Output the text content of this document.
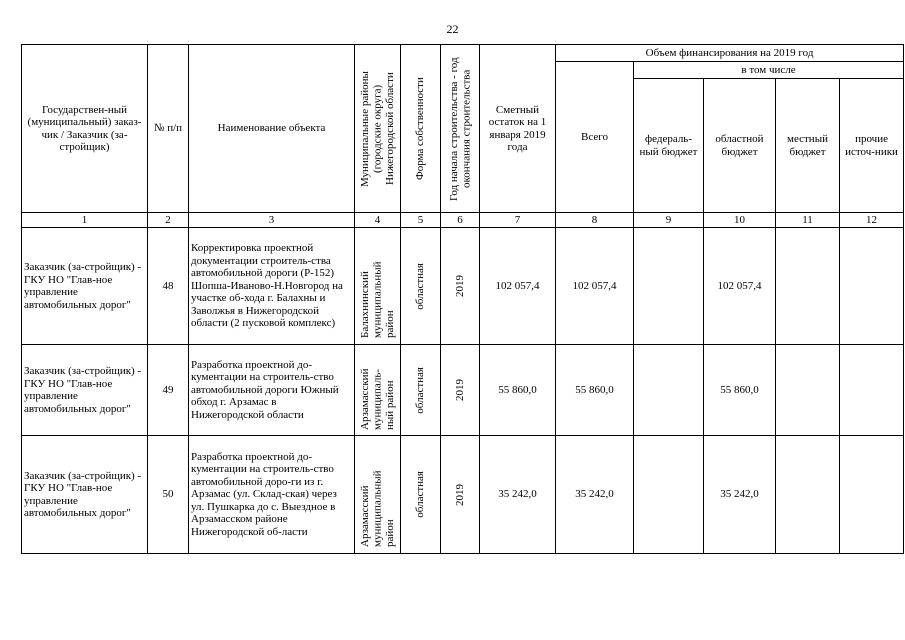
22
Государствен-ный (муниципальный) заказ-чик / Заказчик (за-стройщик)	№ п/п	Наименование объекта	Муниципальные районы (городские округа) Нижегородской области	Форма собственности	Год начала строительства - год окончания строительства	Сметный остаток на 1 января 2019 года	Объем финансирования на 2019 год				
							Всего	в том числе			
								федераль-ный бюджет	областной бюджет	местный бюджет	прочие источ-ники
1	2	3	4	5	6	7	8	9	10	11	12
Заказчик (за-стройщик) - ГКУ НО "Глав-ное управление автомобильных дорог"	48	Корректировка проектной документации строитель-ства автомобильной дороги (Р-152) Шопша-Иваново-Н.Новгород на участке об-хода г. Балахны и Заволжья в Нижегородской области (2 пусковой комплекс)	Балахнинский муниципальный район	областная	2019	102 057,4	102 057,4		102 057,4		
Заказчик (за-стройщик) - ГКУ НО "Глав-ное управление автомобильных дорог"	49	Разработка проектной до-кументации на строитель-ство автомобильной дороги Южный обход г. Арзамас в Нижегородской области	Арзамасский муниципаль-ный район	областная	2019	55 860,0	55 860,0		55 860,0		
Заказчик (за-стройщик) - ГКУ НО "Глав-ное управление автомобильных дорог"	50	Разработка проектной до-кументации на строитель-ство автомобильной доро-ги из г. Арзамас (ул. Склад-ская) через ул. Пушкарка до с. Выездное в Арзамасском районе Нижегородской об-ласти	Арзамасский муниципальный район	областная	2019	35 242,0	35 242,0		35 242,0		
